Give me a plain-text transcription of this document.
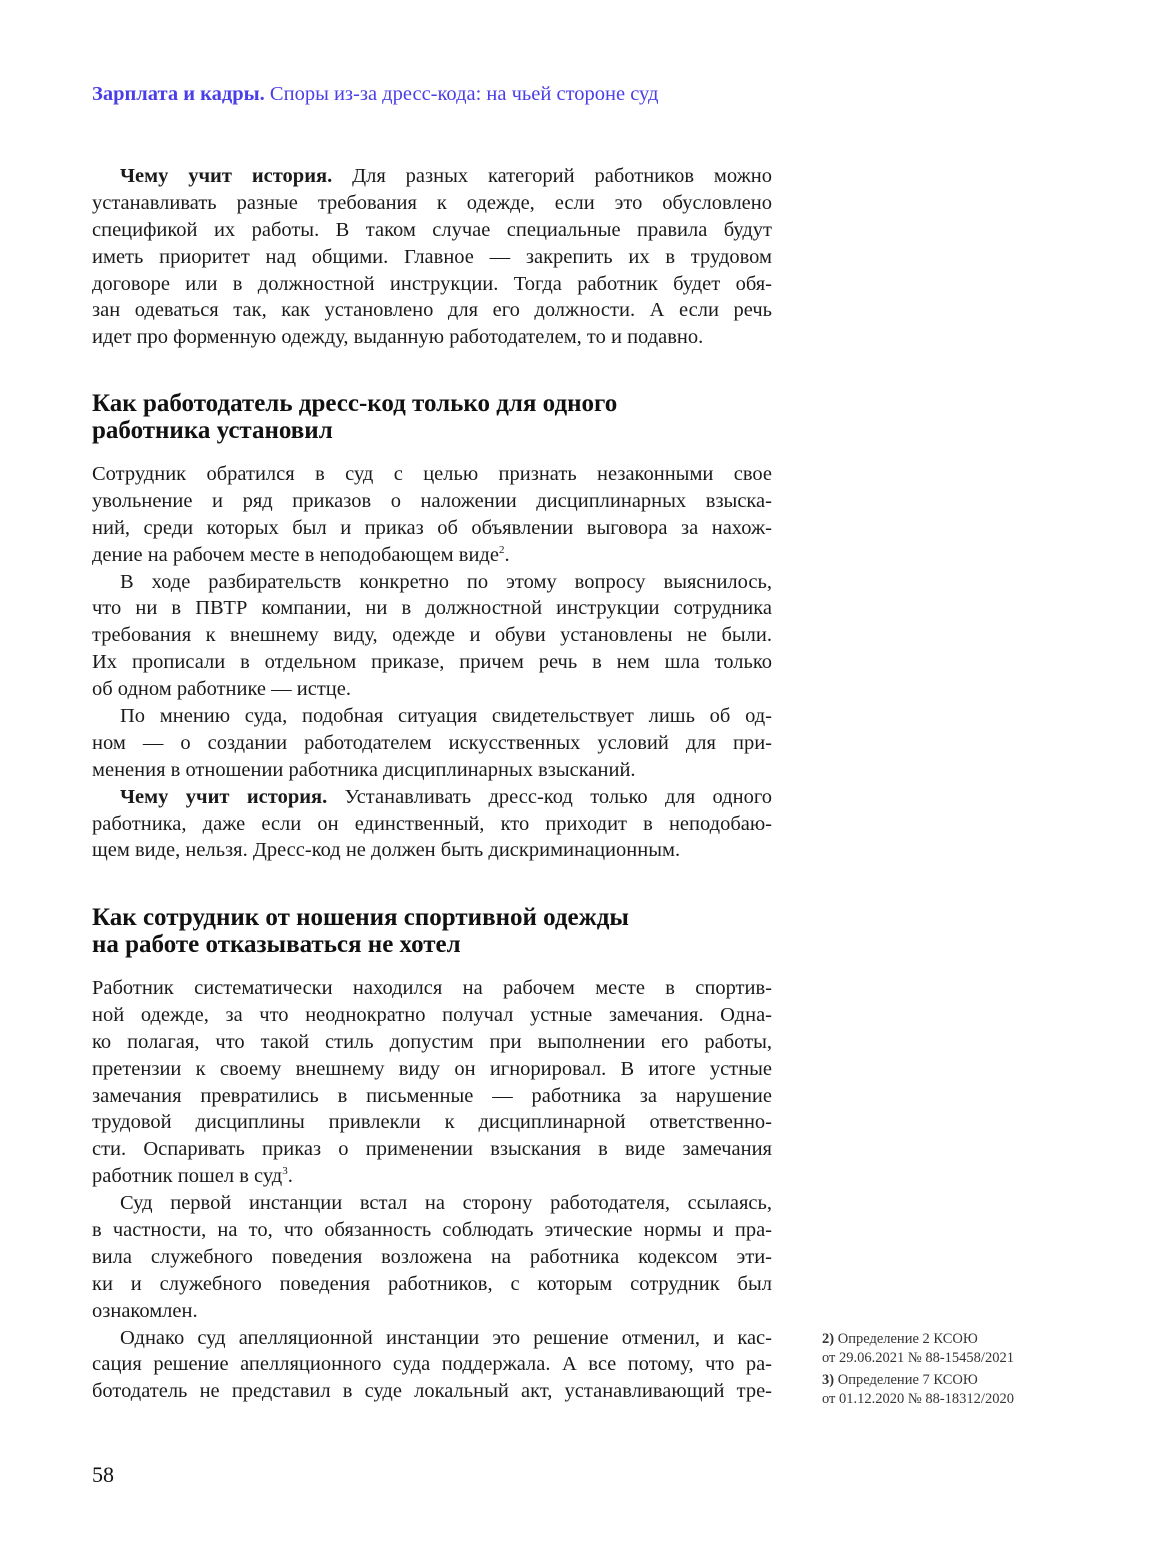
Зарплата и кадры. Споры из-за дресс-кода: на чьей стороне суд
Чему учит история. Для разных категорий работников можно
устанавливать разные требования к одежде, если это обусловлено
спецификой их работы. В таком случае специальные правила будут
иметь приоритет над общими. Главное — закрепить их в трудовом
договоре или в должностной инструкции. Тогда работник будет обя-
зан одеваться так, как установлено для его должности. А если речь
идет про форменную одежду, выданную работодателем, то и подавно.
Как работодатель дресс-код только для одного
работника установил
Сотрудник обратился в суд с целью признать незаконными свое
увольнение и ряд приказов о наложении дисциплинарных взыска-
ний, среди которых был и приказ об объявлении выговора за нахож-
дение на рабочем месте в неподобающем виде$^2$.
В ходе разбирательств конкретно по этому вопросу выяснилось,
что ни в ПВТР компании, ни в должностной инструкции сотрудника
требования к внешнему виду, одежде и обуви установлены не были.
Их прописали в отдельном приказе, причем речь в нем шла только
об одном работнике — истце.
По мнению суда, подобная ситуация свидетельствует лишь об од-
ном — о создании работодателем искусственных условий для при-
менения в отношении работника дисциплинарных взысканий.
Чему учит история. Устанавливать дресс-код только для одного
работника, даже если он единственный, кто приходит в неподобаю-
щем виде, нельзя. Дресс-код не должен быть дискриминационным.
Как сотрудник от ношения спортивной одежды
на работе отказываться не хотел
Работник систематически находился на рабочем месте в спортив-
ной одежде, за что неоднократно получал устные замечания. Одна-
ко полагая, что такой стиль допустим при выполнении его работы,
претензии к своему внешнему виду он игнорировал. В итоге устные
замечания превратились в письменные — работника за нарушение
трудовой дисциплины привлекли к дисциплинарной ответственно-
сти. Оспаривать приказ о применении взыскания в виде замечания
работник пошел в суд$^3$.
Суд первой инстанции встал на сторону работодателя, ссылаясь,
в частности, на то, что обязанность соблюдать этические нормы и пра-
вила служебного поведения возложена на работника кодексом эти-
ки и служебного поведения работников, с которым сотрудник был
ознакомлен.
Однако суд апелляционной инстанции это решение отменил, и кас-
сация решение апелляционного суда поддержала. А все потому, что ра-
ботодатель не представил в суде локальный акт, устанавливающий тре-
2) Определение 2 КСОЮ
от 29.06.2021 № 88-15458/2021
3) Определение 7 КСОЮ
от 01.12.2020 № 88-18312/2020
58
